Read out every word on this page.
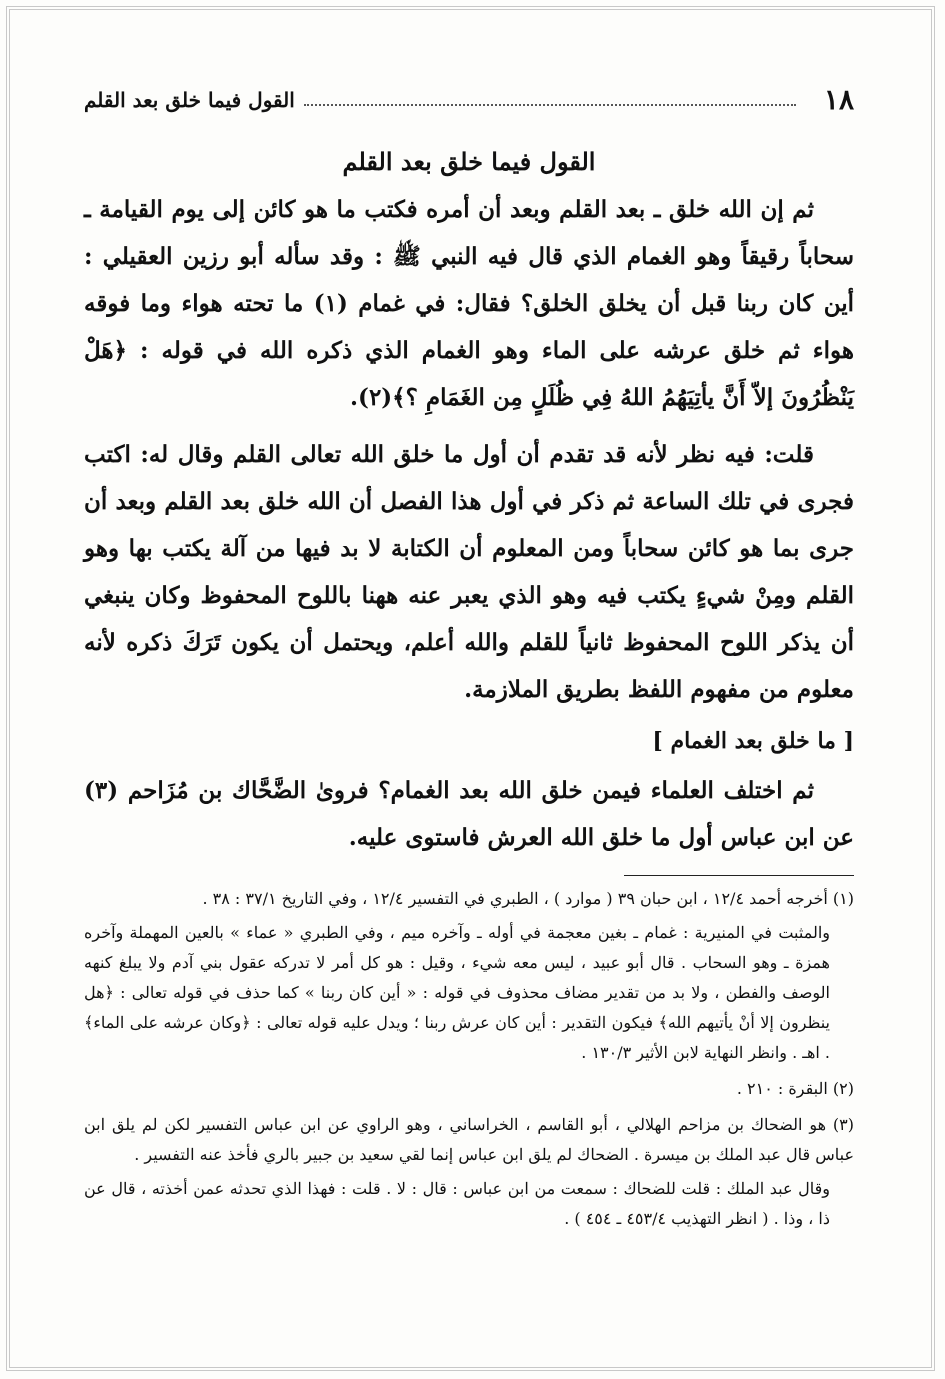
١٨
القول فيما خلق بعد القلم
القول فيما خلق بعد القلم

ثم إن الله خلق ـ بعد القلم وبعد أن أمره فكتب ما هو كائن إلى يوم القيامة ـ سحاباً رقيقاً وهو الغمام الذي قال فيه النبي ﷺ : وقد سأله أبو رزين العقيلي : أين كان ربنا قبل أن يخلق الخلق؟ فقال: في غمام (١) ما تحته هواء وما فوقه هواء ثم خلق عرشه على الماء وهو الغمام الذي ذكره الله في قوله : ﴿هَلْ يَنْظُرُونَ إلاّ أَنَّ يأتِيَهُمُ اللهُ فِي ظُلَلٍ مِن الغَمَامِ ؟﴾(٢).

قلت: فيه نظر لأنه قد تقدم أن أول ما خلق الله تعالى القلم وقال له: اكتب فجرى في تلك الساعة ثم ذكر في أول هذا الفصل أن الله خلق بعد القلم وبعد أن جرى بما هو كائن سحاباً ومن المعلوم أن الكتابة لا بد فيها من آلة يكتب بها وهو القلم ومِنْ شيءٍ يكتب فيه وهو الذي يعبر عنه ههنا باللوح المحفوظ وكان ينبغي أن يذكر اللوح المحفوظ ثانياً للقلم والله أعلم، ويحتمل أن يكون تَرَكَ ذكره لأنه معلوم من مفهوم اللفظ بطريق الملازمة.

[ ما خلق بعد الغمام ]

ثم اختلف العلماء فيمن خلق الله بعد الغمام؟ فروىٰ الضَّحَّاك بن مُزَاحم (٣) عن ابن عباس أول ما خلق الله العرش فاستوى عليه.

(١) أخرجه أحمد ١٢/٤ ، ابن حبان ٣٩ ( موارد ) ، الطبري في التفسير ١٢/٤ ، وفي التاريخ ٣٧/١ : ٣٨ .

والمثبت في المنيرية : غمام ـ بغين معجمة في أوله ـ وآخره ميم ، وفي الطبري « عماء » بالعين المهملة وآخره همزة ـ وهو السحاب . قال أبو عبيد ، ليس معه شيء ، وقيل : هو كل أمر لا تدركه عقول بني آدم ولا يبلغ كنهه الوصف والفطن ، ولا بد من تقدير مضاف محذوف في قوله : « أين كان ربنا » كما حذف في قوله تعالى : ﴿هل ينظرون إلا أنْ يأتيهم الله﴾ فيكون التقدير : أين كان عرش ربنا ؛ ويدل عليه قوله تعالى : ﴿وكان عرشه على الماء﴾ . اهـ . وانظر النهاية لابن الأثير ١٣٠/٣ .

(٢) البقرة : ٢١٠ .

(٣) هو الضحاك بن مزاحم الهلالي ، أبو القاسم ، الخراساني ، وهو الراوي عن ابن عباس التفسير لكن لم يلق ابن عباس قال عبد الملك بن ميسرة . الضحاك لم يلق ابن عباس إنما لقي سعيد بن جبير بالري فأخذ عنه التفسير .

وقال عبد الملك : قلت للضحاك : سمعت من ابن عباس : قال : لا . قلت : فهذا الذي تحدثه عمن أخذته ، قال عن ذا ، وذا . ( انظر التهذيب ٤٥٣/٤ ـ ٤٥٤ ) .
